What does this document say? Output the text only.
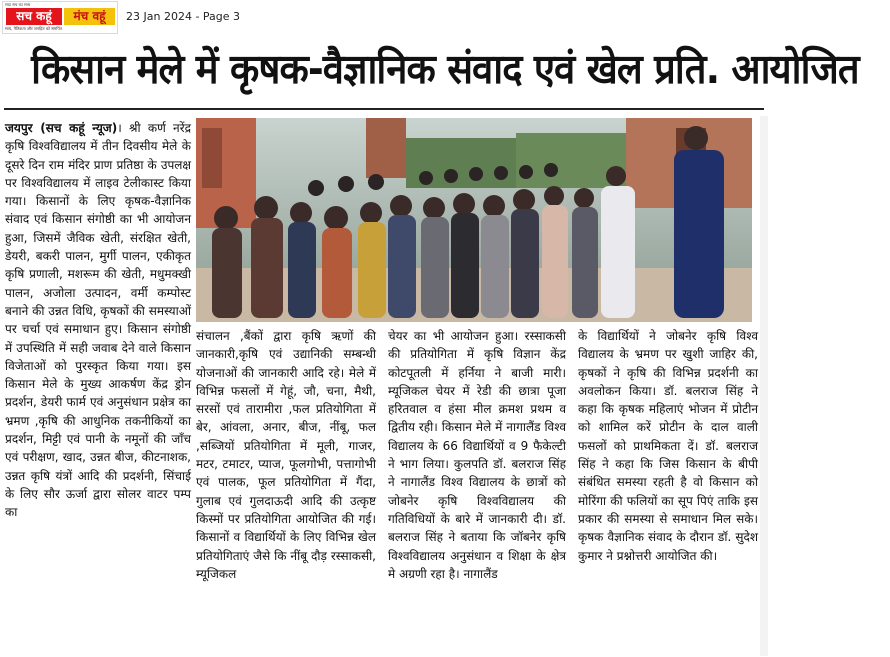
सदा सच का साथ
सच कहूं	मंच वहूं
सत्य, नैतिकता और जनहित को समर्पित
23 Jan 2024 - Page 3
किसान मेले में कृषक-वैज्ञानिक संवाद एवं खेल प्रति. आयोजित

जयपुर (सच कहूं न्यूज)। श्री कर्ण नरेंद्र कृषि विश्वविद्यालय में तीन दिवसीय मेले के दूसरे दिन राम मंदिर प्राण प्रतिष्ठा के उपलक्ष पर विश्वविद्यालय में लाइव टेलीकास्ट किया गया। किसानों के लिए कृषक-वैज्ञानिक संवाद एवं किसान संगोष्ठी का भी आयोजन हुआ, जिसमें जैविक खेती, संरक्षित खेती, डेयरी, बकरी पालन, मुर्गी पालन, एकीकृत कृषि प्रणाली, मशरूम की खेती, मधुमक्खी पालन, अजोला उत्पादन, वर्मी कम्पोस्ट बनाने की उन्नत विधि, कृषकों की समस्याओं पर चर्चा एवं समाधान हुए। किसान संगोष्ठी में उपस्थिति में सही जवाब देने वाले किसान विजेताओं को पुरस्कृत किया गया। इस किसान मेले के मुख्य आकर्षण केंद्र ड्रोन प्रदर्शन, डेयरी फार्म एवं अनुसंधान प्रक्षेत्र का भ्रमण ,कृषि की आधुनिक तकनीकियों का प्रदर्शन, मिट्टी एवं पानी के नमूनों की जाँच एवं परीक्षण, खाद, उन्नत बीज, कीटनाशक, उन्नत कृषि यंत्रों आदि की प्रदर्शनी, सिंचाई के लिए सौर ऊर्जा द्वारा सोलर वाटर पम्प का

संचालन ,बैंकों द्वारा कृषि ऋणों की जानकारी,कृषि एवं उद्यानिकी सम्बन्धी योजनाओं की जानकारी आदि रहे। मेले में विभिन्न फसलों में गेहूं, जौ, चना, मैथी, सरसों एवं तारामीरा ,फल प्रतियोगिता में बेर, आंवला, अनार, बीज, नींबू, फल ,सब्जियों प्रतियोगिता में मूली, गाजर, मटर, टमाटर, प्याज, फूलगोभी, पत्तागोभी एवं पालक, फूल प्रतियोगिता में गैंदा, गुलाब एवं गुलदाऊदी आदि की उत्कृष्ट किस्मों पर प्रतियोगिता आयोजित की गई। किसानों व विद्यार्थियों के लिए विभिन्न खेल प्रतियोगिताएं जैसे कि नींबू दौड़ रस्साकसी, म्यूजिकल

चेयर का भी आयोजन हुआ। रस्साकसी की प्रतियोगिता में कृषि विज्ञान केंद्र कोटपूतली में हर्निया ने बाजी मारी। म्यूजिकल चेयर में रेडी की छात्रा पूजा हरितवाल व हंसा मील क्रमश प्रथम व द्वितीय रही। किसान मेले में नागालैंड विश्व विद्यालय के 66 विद्यार्थियों व 9 फैकेल्टी ने भाग लिया। कुलपति डॉ. बलराज सिंह ने नागालैंड विश्व विद्यालय के छात्रों को जोबनेर कृषि विश्वविद्यालय की गतिविधियों के बारे में जानकारी दी। डॉ. बलराज सिंह ने बताया कि जॉबनेर कृषि विश्वविद्यालय अनुसंधान व शिक्षा के क्षेत्र मे अग्रणी रहा है। नागालैंड

के विद्यार्थियों ने जोबनेर कृषि विश्व विद्यालय के भ्रमण पर खुशी जाहिर की, कृषकों ने कृषि की विभिन्न प्रदर्शनी का अवलोकन किया। डॉ. बलराज सिंह ने कहा कि कृषक महिलाएं भोजन में प्रोटीन को शामिल करें प्रोटीन के दाल वाली फसलों को प्राथमिकता दें। डॉ. बलराज सिंह ने कहा कि जिस किसान के बीपी संबंधित समस्या रहती है वो किसान को मोरिंगा की फलियों का सूप पिएं ताकि इस प्रकार की समस्या से समाधान मिल सके। कृषक वैज्ञानिक संवाद के दौरान डॉ. सुदेश कुमार ने प्रश्नोत्तरी आयोजित की।
